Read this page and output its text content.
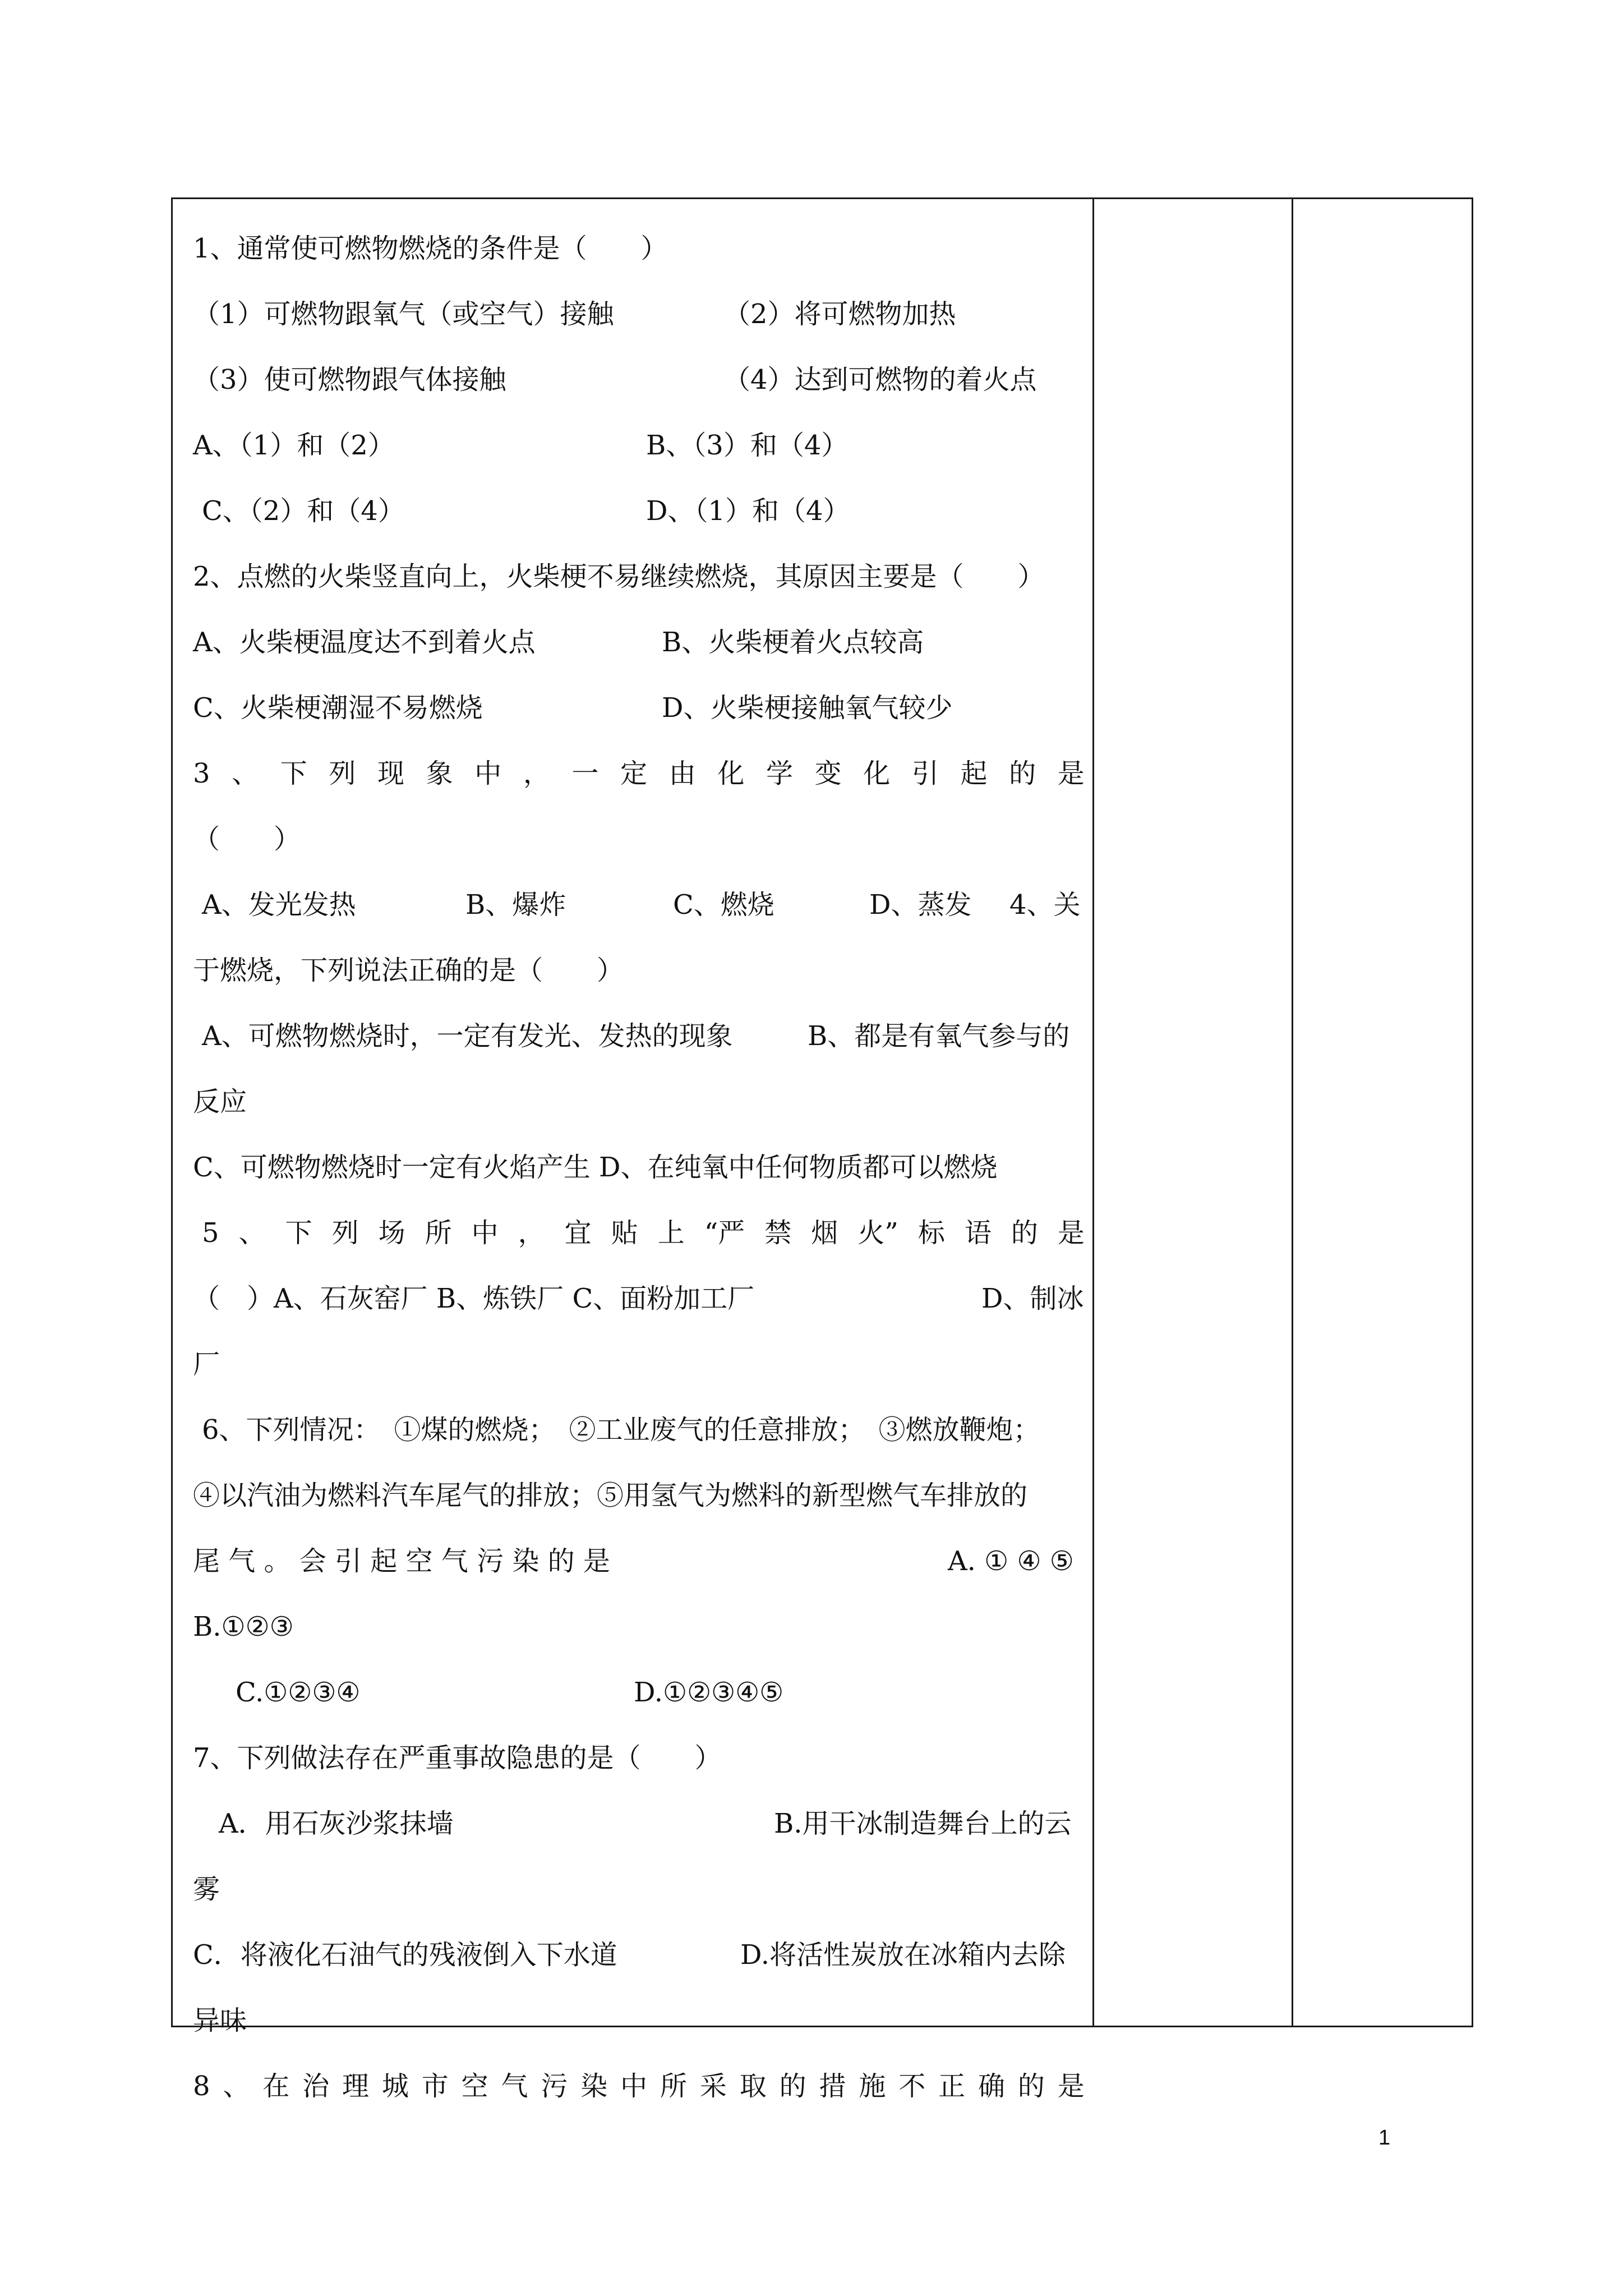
1、通常使可燃物燃烧的条件是（　　）
（1）可燃物跟氧气（或空气）接触	（2）将可燃物加热
（3）使可燃物跟气体接触	（4）达到可燃物的着火点
A、（1）和（2）	B、（3）和（4）
C、（2）和（4）	D、（1）和（4）
2、点燃的火柴竖直向上，火柴梗不易继续燃烧，其原因主要是（　　）
A、火柴梗温度达不到着火点	B、火柴梗着火点较高
C、火柴梗潮湿不易燃烧	D、火柴梗接触氧气较少
3 、 下 列 现 象 中 ， 一 定 由 化 学 变 化 引 起 的 是
（　　）
A、发光发热	B、爆炸	C、燃烧	D、蒸发 4、关
于燃烧，下列说法正确的是（　　）
A、可燃物燃烧时，一定有发光、发热的现象	B、都是有氧气参与的
反应
C、可燃物燃烧时一定有火焰产生 D、在纯氧中任何物质都可以燃烧
5 、 下 列 场 所 中 ， 宜 贴 上 “严 禁 烟 火” 标 语 的 是
（　）A、石灰窑厂 B、炼铁厂 C、面粉加工厂	D、制冰
厂
6、下列情况：　①煤的燃烧；　②工业废气的任意排放；　③燃放鞭炮；
④以汽油为燃料汽车尾气的排放；⑤用氢气为燃料的新型燃气车排放的
尾 气 。 会 引 起 空 气 污 染 的 是	A. ① ④ ⑤
B.①②③
C.①②③④	D.①②③④⑤
7、下列做法存在严重事故隐患的是（　　）
A．用石灰沙浆抹墙	B.用干冰制造舞台上的云
雾
C．将液化石油气的残液倒入下水道	D.将活性炭放在冰箱内去除
异味
8 、 在 治 理 城 市 空 气 污 染 中 所 采 取 的 措 施 不 正 确 的 是
1
